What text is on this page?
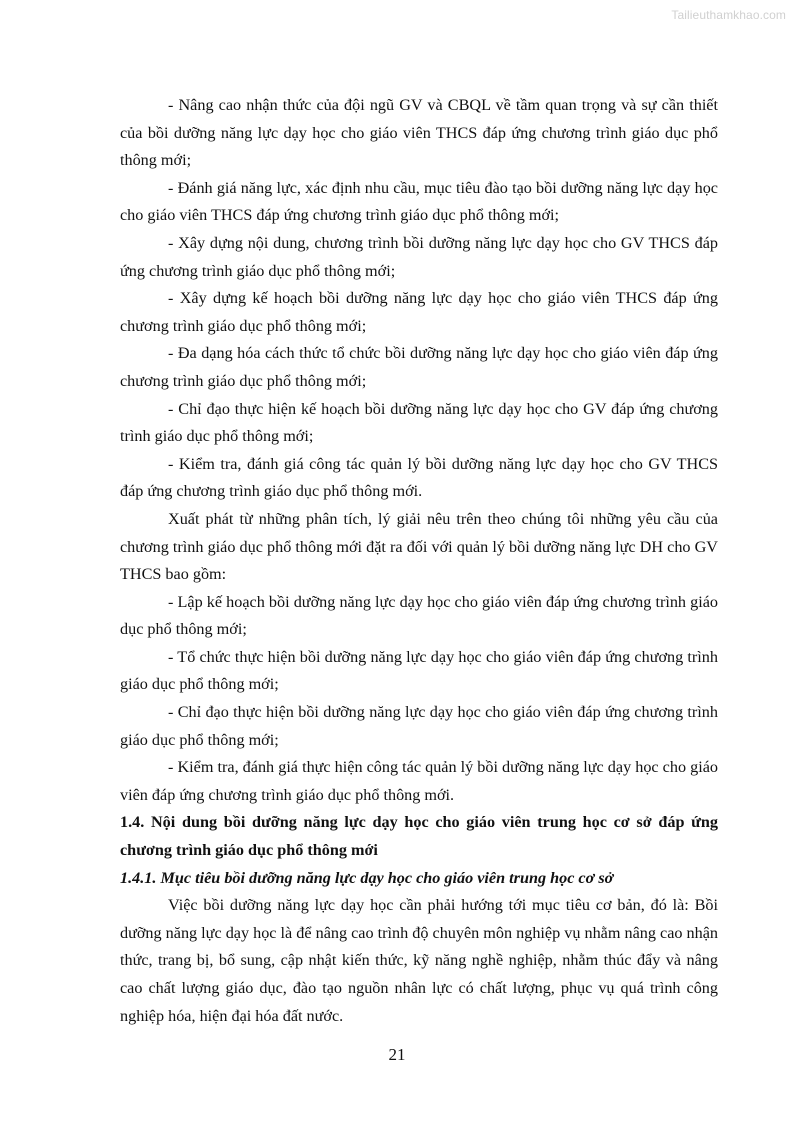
Tailieuthamkhao.com

- Nâng cao nhận thức của đội ngũ GV và CBQL về tầm quan trọng và sự cần thiết của bồi dưỡng năng lực dạy học cho giáo viên THCS đáp ứng chương trình giáo dục phổ thông mới;

- Đánh giá năng lực, xác định nhu cầu, mục tiêu đào tạo bồi dưỡng năng lực dạy học cho giáo viên THCS đáp ứng chương trình giáo dục phổ thông mới;

- Xây dựng nội dung, chương trình bồi dưỡng năng lực dạy học cho GV THCS đáp ứng chương trình giáo dục phổ thông mới;

- Xây dựng kế hoạch bồi dưỡng năng lực dạy học cho giáo viên THCS đáp ứng chương trình giáo dục phổ thông mới;

- Đa dạng hóa cách thức tổ chức bồi dưỡng năng lực dạy học cho giáo viên đáp ứng chương trình giáo dục phổ thông mới;

- Chỉ đạo thực hiện kế hoạch bồi dưỡng năng lực dạy học cho GV đáp ứng chương trình giáo dục phổ thông mới;

- Kiểm tra, đánh giá công tác quản lý bồi dưỡng năng lực dạy học cho GV THCS đáp ứng chương trình giáo dục phổ thông mới.

Xuất phát từ những phân tích, lý giải nêu trên theo chúng tôi những yêu cầu của chương trình giáo dục phổ thông mới đặt ra đối với quản lý bồi dưỡng năng lực DH cho GV THCS bao gồm:

- Lập kế hoạch bồi dưỡng năng lực dạy học cho giáo viên đáp ứng chương trình giáo dục phổ thông mới;

- Tổ chức thực hiện bồi dưỡng năng lực dạy học cho giáo viên đáp ứng chương trình giáo dục phổ thông mới;

- Chỉ đạo thực hiện bồi dưỡng năng lực dạy học cho giáo viên đáp ứng chương trình giáo dục phổ thông mới;

- Kiểm tra, đánh giá thực hiện công tác quản lý bồi dưỡng năng lực dạy học cho giáo viên đáp ứng chương trình giáo dục phổ thông mới.

1.4. Nội dung bồi dưỡng năng lực dạy học cho giáo viên trung học cơ sở đáp ứng chương trình giáo dục phổ thông mới

1.4.1. Mục tiêu bồi dưỡng năng lực dạy học cho giáo viên trung học cơ sở

Việc bồi dưỡng năng lực dạy học cần phải hướng tới mục tiêu cơ bản, đó là: Bồi dưỡng năng lực dạy học là để nâng cao trình độ chuyên môn nghiệp vụ nhằm nâng cao nhận thức, trang bị, bổ sung, cập nhật kiến thức, kỹ năng nghề nghiệp, nhằm thúc đẩy và nâng cao chất lượng giáo dục, đào tạo nguồn nhân lực có chất lượng, phục vụ quá trình công nghiệp hóa, hiện đại hóa đất nước.

21
